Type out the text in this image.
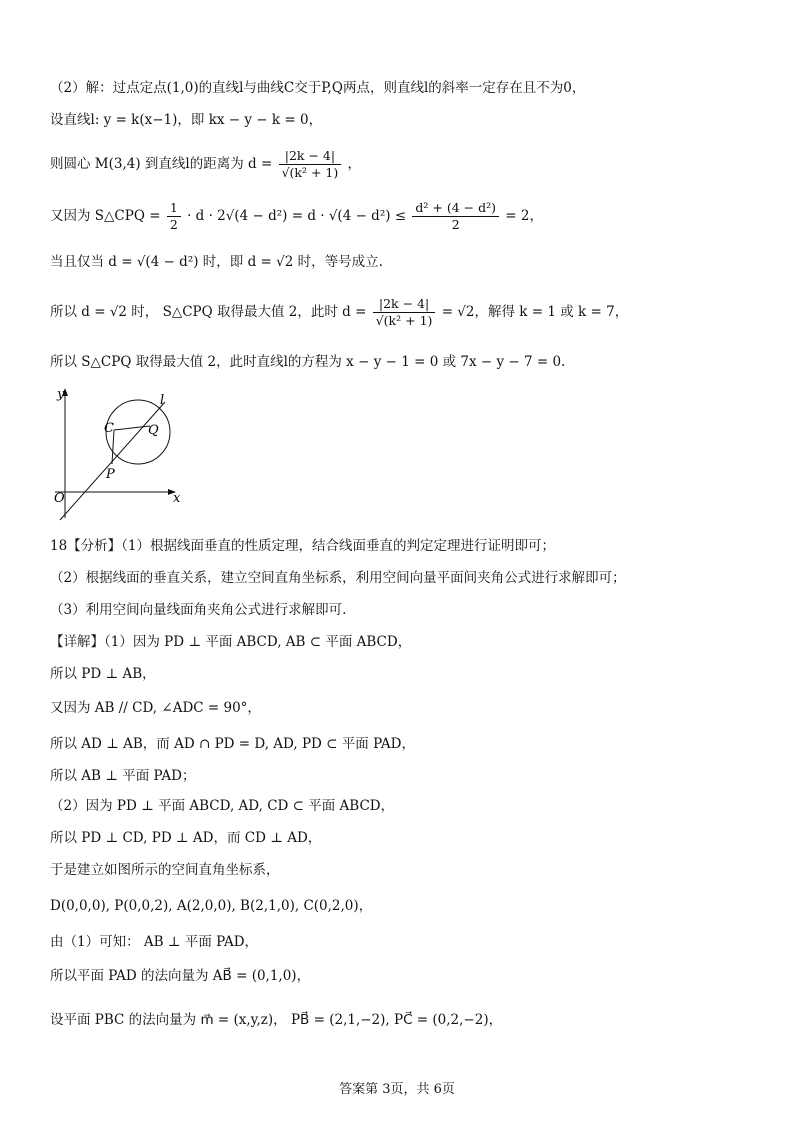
（2）解：过点定点(1,0)的直线l与曲线C交于P,Q两点，则直线l的斜率一定存在且不为0，
设直线l: y = k(x−1)，即 kx − y − k = 0，
则圆心 M(3,4) 到直线l的距离为 $d = \frac{|2k - 4|}{\text{√(k² + 1)}}$ ，
又因为 S△CPQ = $\frac{1}{2} \cdot d \cdot 2√(4 - d^2) = d \cdot √(4 - d^2) \le \frac{\text{d² + (4 − d²)}}{2} = 2$，
当且仅当 d = √(4 − d²) 时，即 d = √2 时，等号成立.
所以 d = √2 时， S△CPQ 取得最大值 2，此时 $d = \frac{|2k - 4|}{\text{√(k² + 1)}} = √2$，解得 k = 1 或 k = 7，
所以 S△CPQ 取得最大值 2，此时直线l的方程为 x − y − 1 = 0 或 7x − y − 7 = 0.
y
x
O
C	Q
P
l
18【分析】（1）根据线面垂直的性质定理，结合线面垂直的判定定理进行证明即可；
（2）根据线面的垂直关系，建立空间直角坐标系，利用空间向量平面间夹角公式进行求解即可；
（3）利用空间向量线面角夹角公式进行求解即可.
【详解】（1）因为 PD ⊥ 平面 ABCD, AB ⊂ 平面 ABCD，
所以 PD ⊥ AB，
又因为 AB // CD, ∠ADC = 90°，
所以 AD ⊥ AB，而 AD ∩ PD = D, AD, PD ⊂ 平面 PAD，
所以 AB ⊥ 平面 PAD；
（2）因为 PD ⊥ 平面 ABCD, AD, CD ⊂ 平面 ABCD，
所以 PD ⊥ CD, PD ⊥ AD，而 CD ⊥ AD，
于是建立如图所示的空间直角坐标系，
D(0,0,0), P(0,0,2), A(2,0,0), B(2,1,0), C(0,2,0)，
由（1）可知： AB ⊥ 平面 PAD，
所以平面 PAD 的法向量为 AB⃗ = (0,1,0)，
设平面 PBC 的法向量为 m⃗ = (x,y,z)， PB⃗ = (2,1,−2), PC⃗ = (0,2,−2)，
答案第 3页，共 6页
